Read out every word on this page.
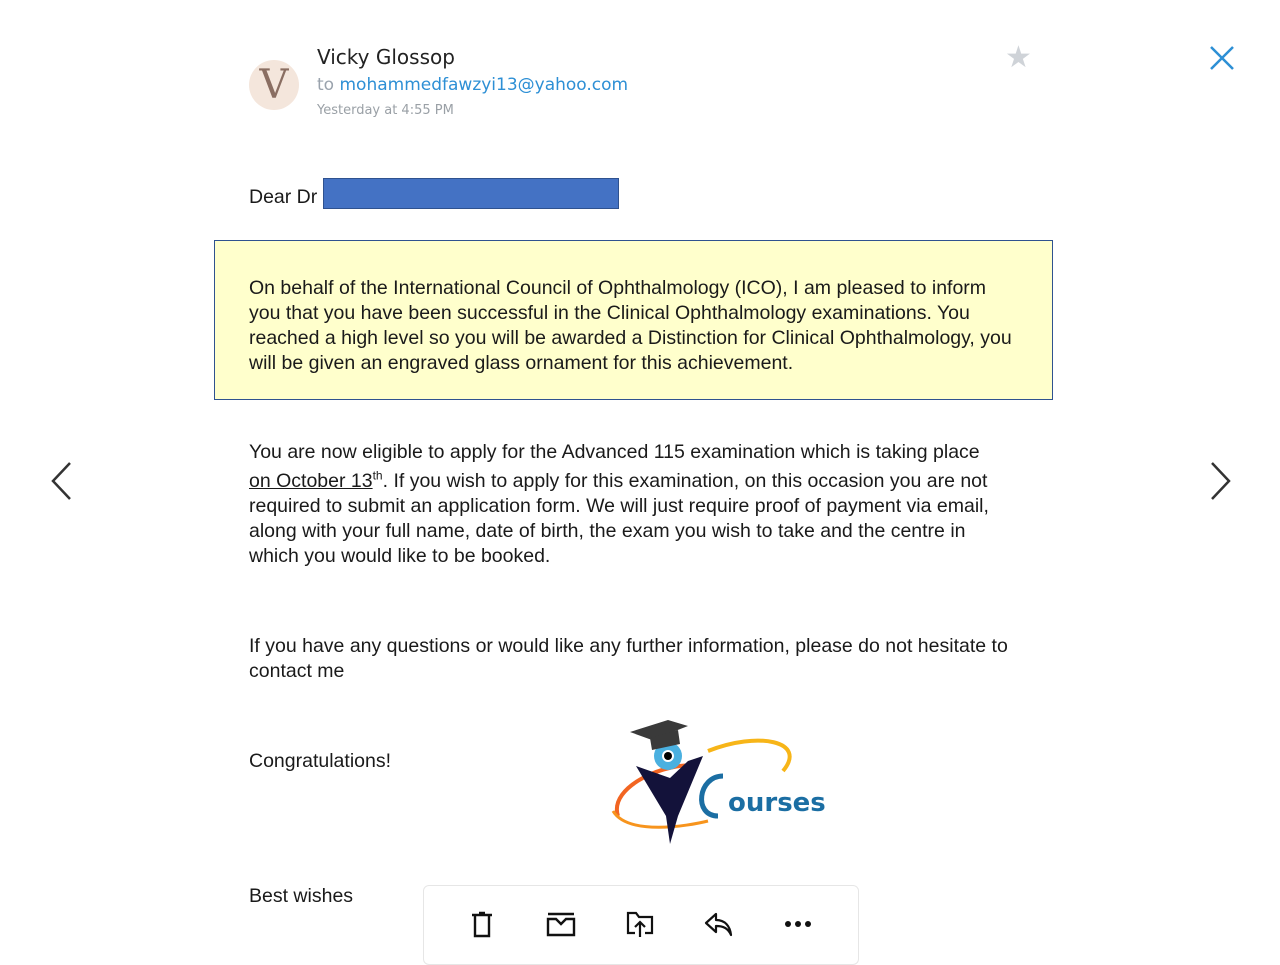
V
Vicky Glossop
to mohammedfawzyi13@yahoo.com
Yesterday at 4:55 PM
★
Dear Dr
On behalf of the International Council of Ophthalmology (ICO), I am pleased to inform
you that you have been successful in the Clinical Ophthalmology examinations. You
reached a high level so you will be awarded a Distinction for Clinical Ophthalmology, you
will be given an engraved glass ornament for this achievement.
You are now eligible to apply for the Advanced 115 examination which is taking place
on October 13th. If you wish to apply for this examination, on this occasion you are not
required to submit an application form. We will just require proof of payment via email,
along with your full name, date of birth, the exam you wish to take and the centre in
which you would like to be booked.
If you have any questions or would like any further information, please do not hesitate to
contact me
Congratulations!
ourses
Best wishes
